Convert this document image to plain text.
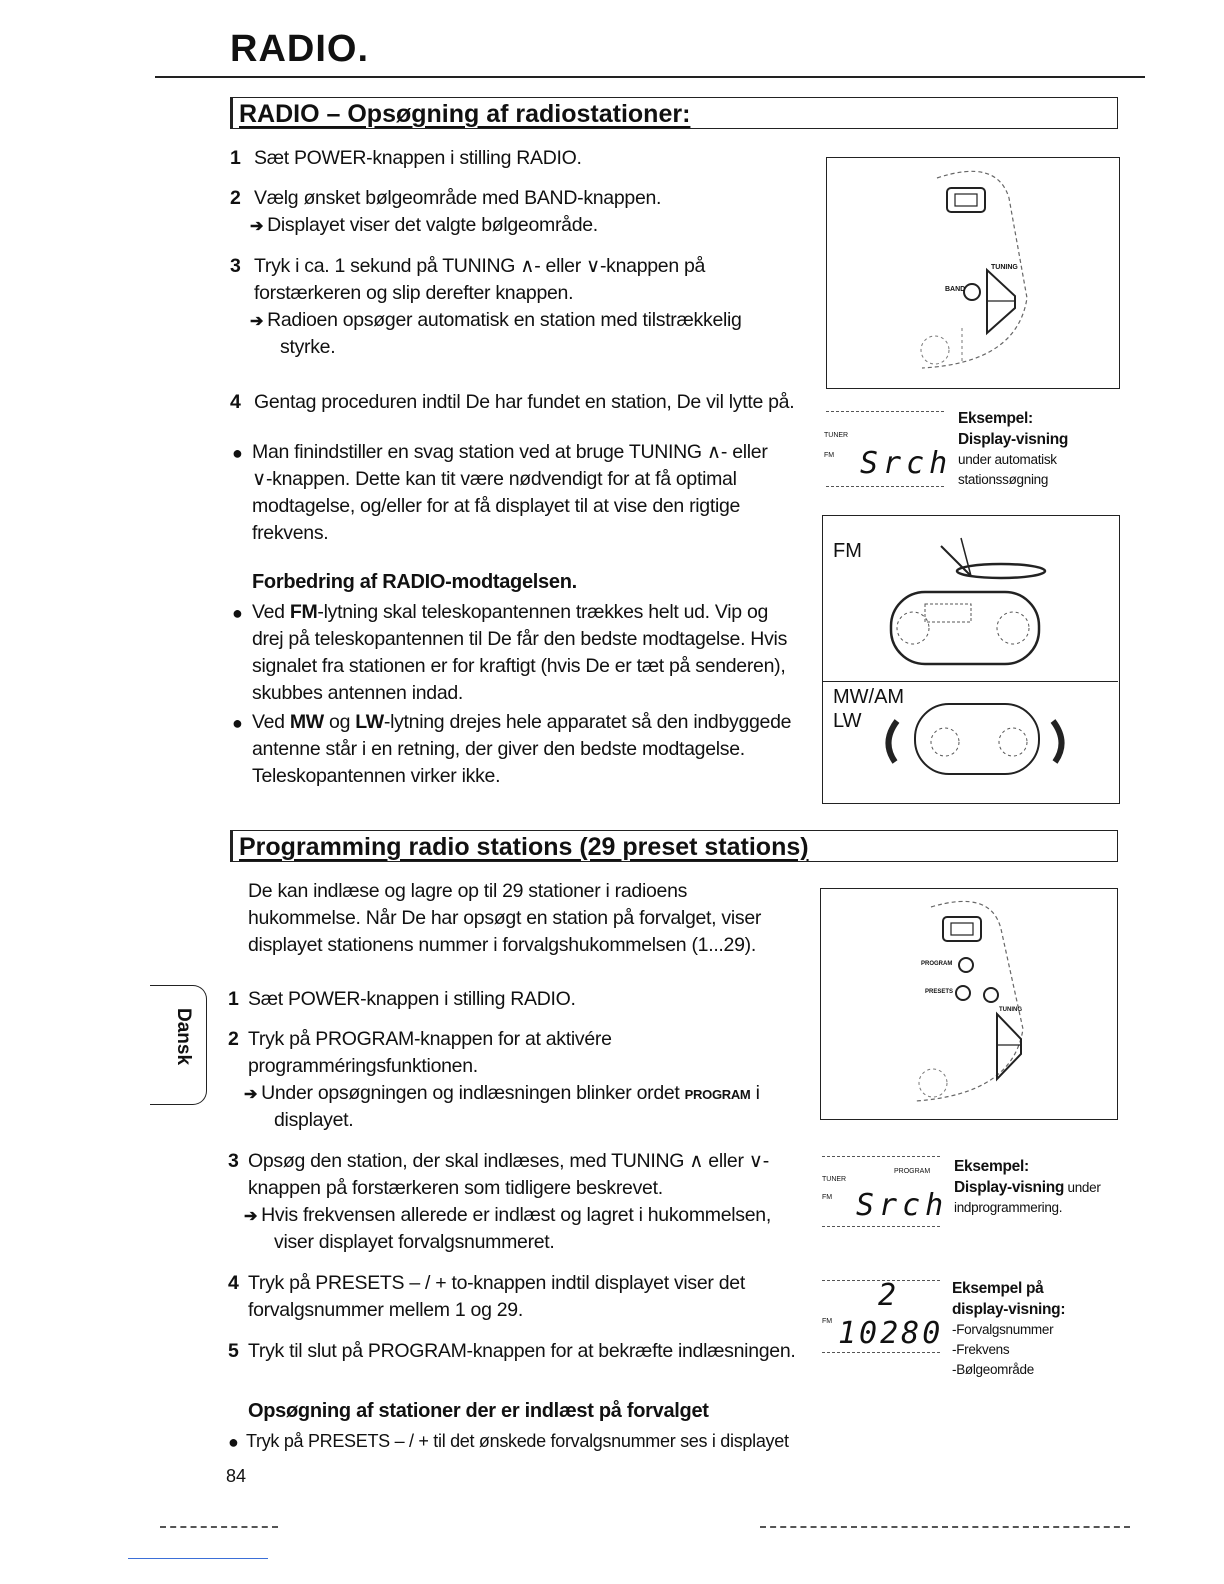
RADIO.
RADIO – Opsøgning af radiostationer:
1 Sæt POWER-knappen i stilling RADIO.
2 Vælg ønsket bølgeområde med BAND-knappen.
➔ Displayet viser det valgte bølgeområde.
3 Tryk i ca. 1 sekund på TUNING ∧- eller ∨-knappen på
forstærkeren og slip derefter knappen.
➔ Radioen opsøger automatisk en station med tilstrækkelig
styrke.
4 Gentag proceduren indtil De har fundet en station, De vil lytte på.
● Man finindstiller en svag station ved at bruge TUNING ∧- eller
∨-knappen. Dette kan tit være nødvendigt for at få optimal
modtagelse, og/eller for at få displayet til at vise den rigtige
frekvens.
Forbedring af RADIO-modtagelsen.
● Ved FM-lytning skal teleskopantennen trækkes helt ud. Vip og
drej på teleskopantennen til De får den bedste modtagelse. Hvis
signalet fra stationen er for kraftigt (hvis De er tæt på senderen),
skubbes antennen indad.
● Ved MW og LW-lytning drejes hele apparatet så den indbyggede
antenne står i en retning, der giver den bedste modtagelse.
Teleskopantennen virker ikke.
BAND
TUNING
TUNER
FM Srch
Eksempel:
Display-visning
under automatisk
stationssøgning
FM
MW/AM
LW
Programming radio stations (29 preset stations)
De kan indlæse og lagre op til 29 stationer i radioens
hukommelse. Når De har opsøgt en station på forvalget, viser
displayet stationens nummer i forvalgshukommelsen (1...29).
1 Sæt POWER-knappen i stilling RADIO.
2 Tryk på PROGRAM-knappen for at aktivére
programméringsfunktionen.
➔ Under opsøgningen og indlæsningen blinker ordet PROGRAM i
displayet.
3 Opsøg den station, der skal indlæses, med TUNING ∧ eller ∨-
knappen på forstærkeren som tidligere beskrevet.
➔ Hvis frekvensen allerede er indlæst og lagret i hukommelsen,
viser displayet forvalgsnummeret.
4 Tryk på PRESETS – / + to-knappen indtil displayet viser det
forvalgsnummer mellem 1 og 29.
5 Tryk til slut på PROGRAM-knappen for at bekræfte indlæsningen.
Opsøgning af stationer der er indlæst på forvalget
● Tryk på PRESETS – / + til det ønskede forvalgsnummer ses i displayet
PROGRAM
PRESETS
TUNING
PROGRAM
TUNER
FM Srch
Eksempel:
Display-visning under
indprogrammering.
2
FM 10280
Eksempel på
display-visning:
-Forvalgsnummer
-Frekvens
-Bølgeområde
Dansk
84
